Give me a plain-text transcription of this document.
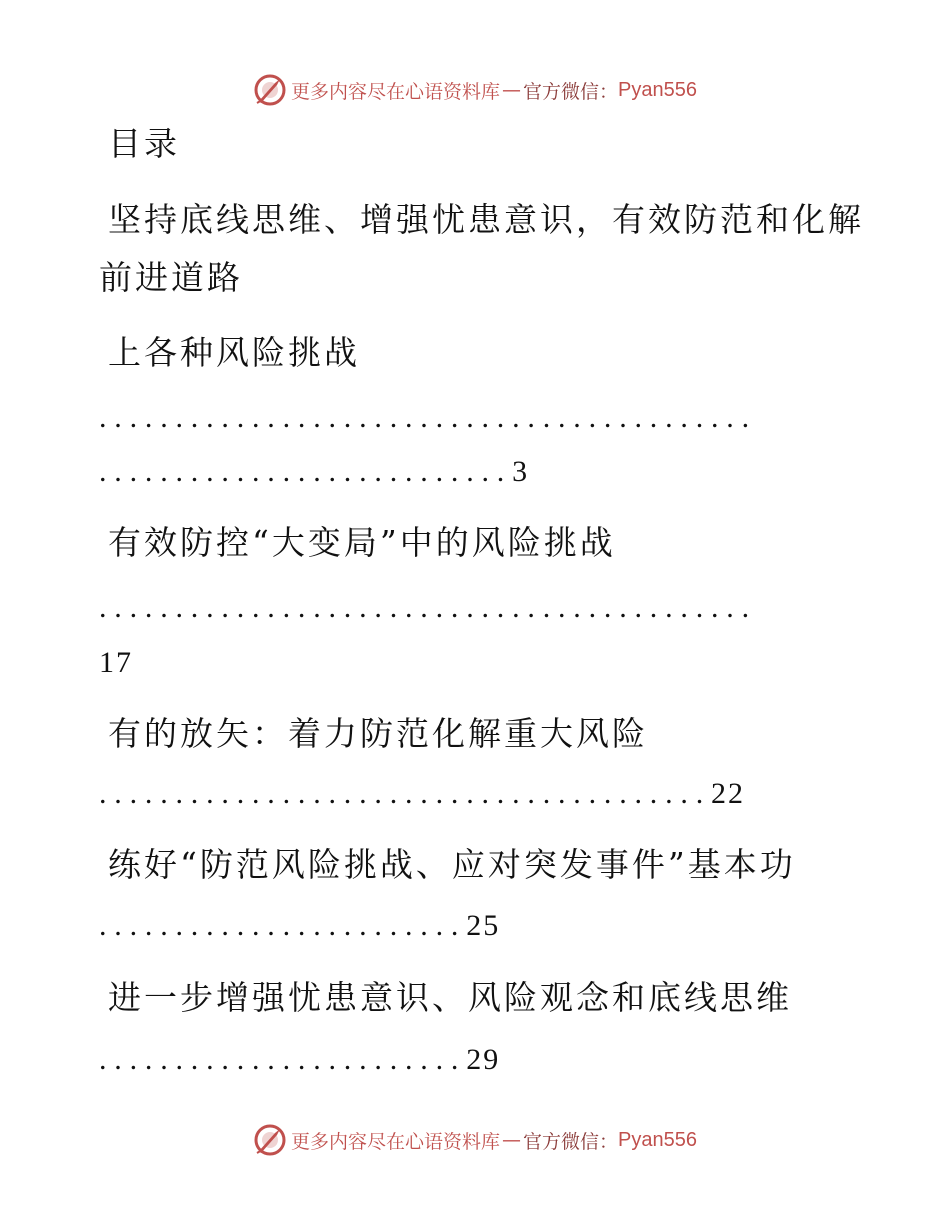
更多内容尽在心语资料库 — 官方微信： Pyan556
目录
坚持底线思维、增强忧患意识，有效防范和化解
前进道路
上各种风险挑战
...........................................
...........................3
有效防控“大变局”中的风险挑战
...........................................
17
有的放矢：着力防范化解重大风险
........................................22
练好“防范风险挑战、应对突发事件”基本功
........................25
进一步增强忧患意识、风险观念和底线思维
........................29
更多内容尽在心语资料库 — 官方微信： Pyan556
